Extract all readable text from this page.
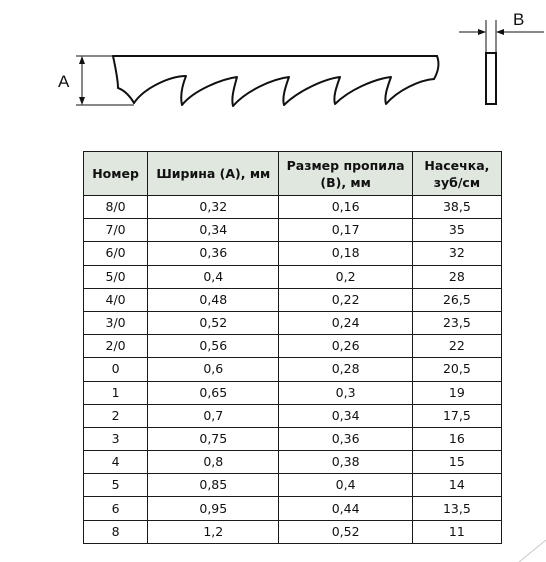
A
B
Номер	Ширина (А), мм	Размер пропила (В), мм	Насечка, зуб/см
8/0	0,32	0,16	38,5
7/0	0,34	0,17	35
6/0	0,36	0,18	32
5/0	0,4	0,2	28
4/0	0,48	0,22	26,5
3/0	0,52	0,24	23,5
2/0	0,56	0,26	22
0	0,6	0,28	20,5
1	0,65	0,3	19
2	0,7	0,34	17,5
3	0,75	0,36	16
4	0,8	0,38	15
5	0,85	0,4	14
6	0,95	0,44	13,5
8	1,2	0,52	11
